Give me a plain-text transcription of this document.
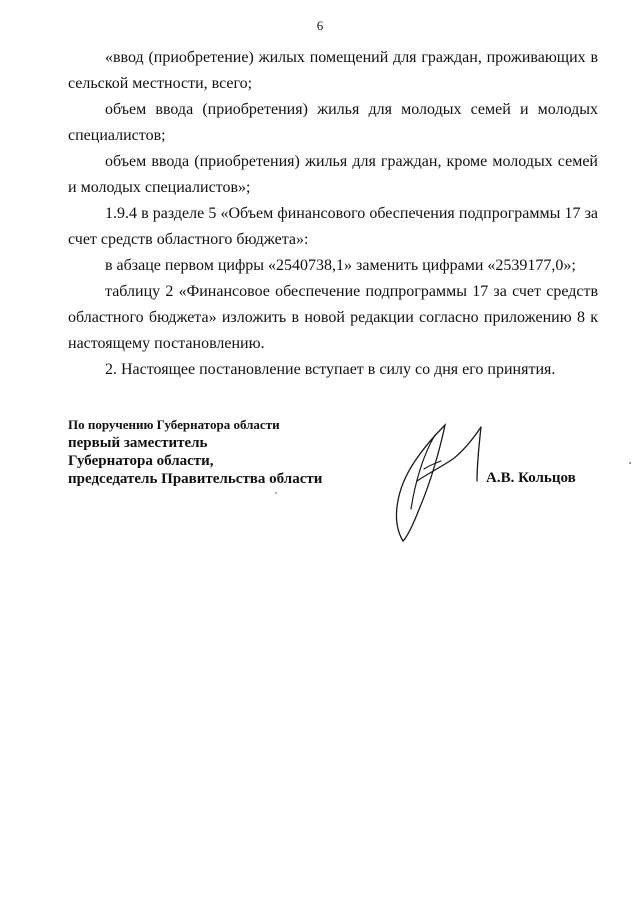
6

«ввод (приобретение) жилых помещений для граждан, проживающих в сельской местности, всего;

объем ввода (приобретения) жилья для молодых семей и молодых специалистов;

объем ввода (приобретения) жилья для граждан, кроме молодых семей и молодых специалистов»;

1.9.4 в разделе 5 «Объем финансового обеспечения подпрограммы 17 за счет средств областного бюджета»:

в абзаце первом цифры «2540738,1» заменить цифрами «2539177,0»;

таблицу 2 «Финансовое обеспечение подпрограммы 17 за счет средств областного бюджета» изложить в новой редакции согласно приложению 8 к настоящему постановлению.

2. Настоящее постановление вступает в силу со дня его принятия.

По поручению Губернатора области
первый заместитель
Губернатора области,
председатель Правительства области	А.В. Кольцов
